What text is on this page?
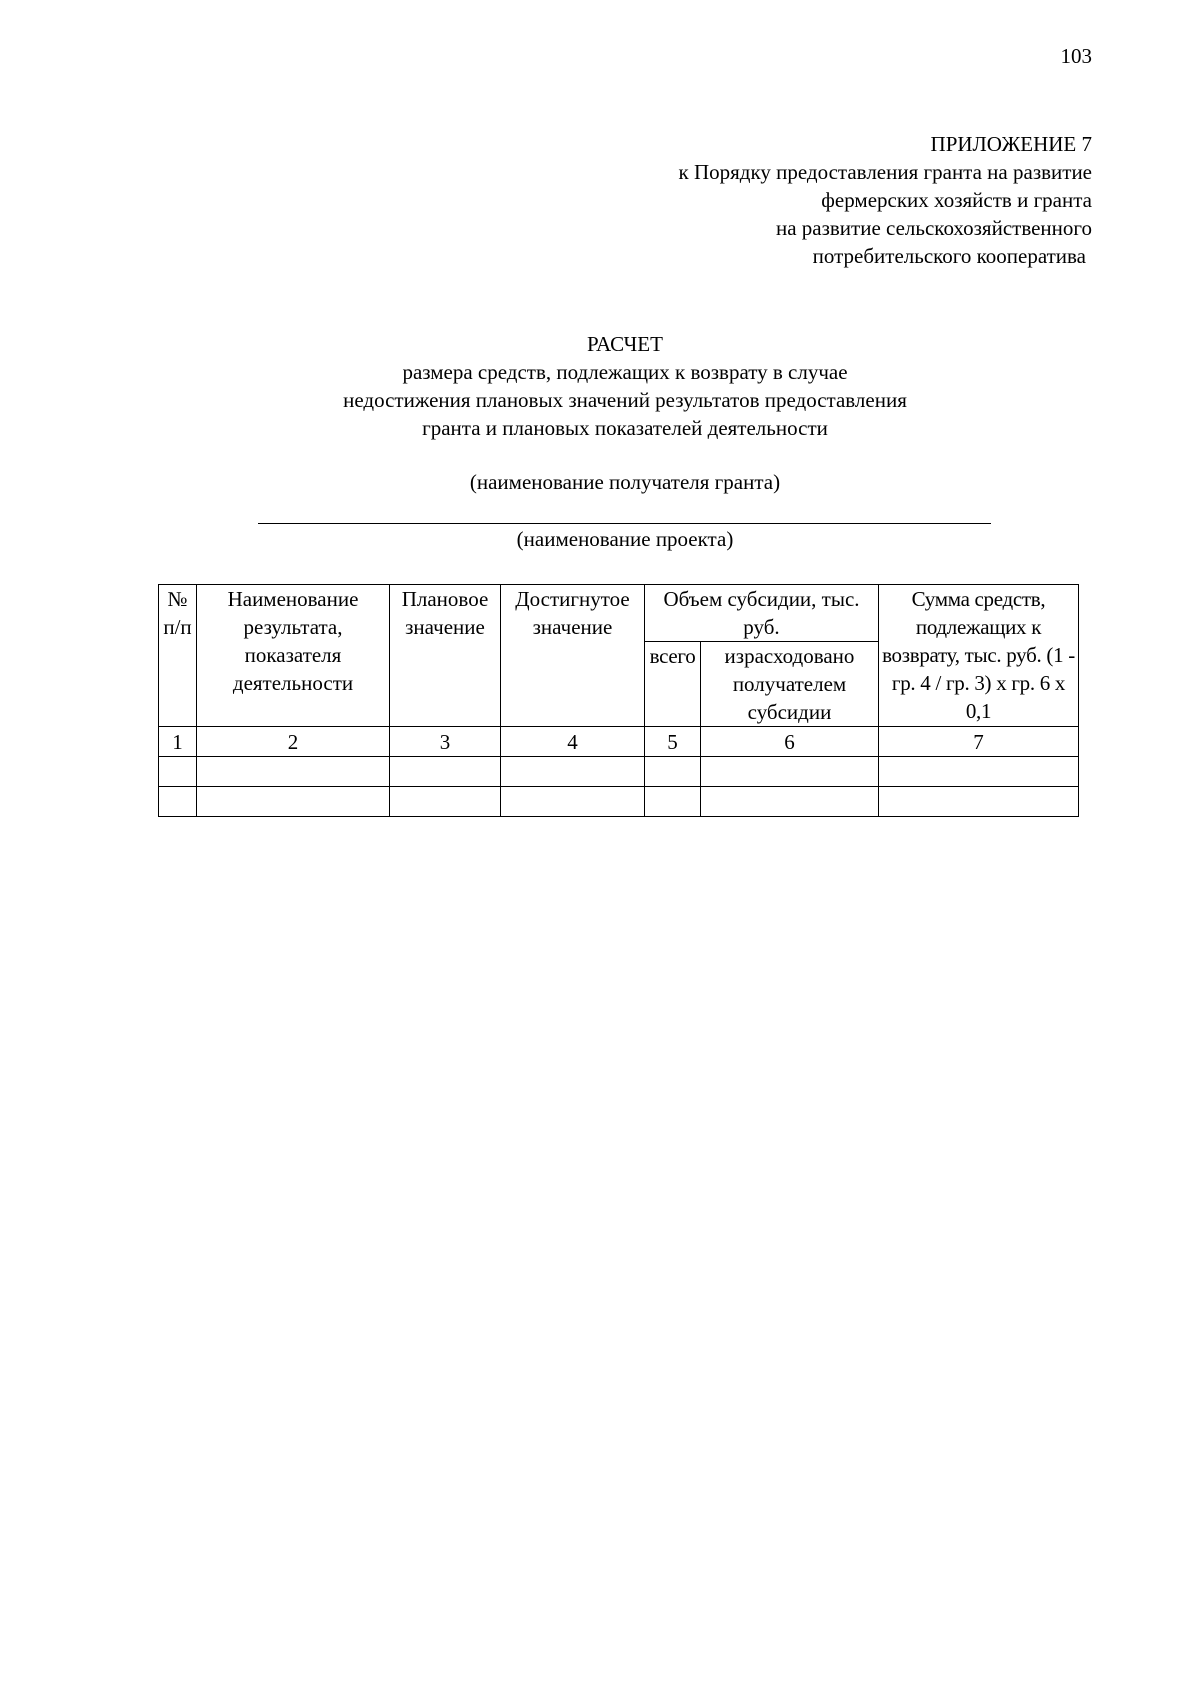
103
ПРИЛОЖЕНИЕ 7
к Порядку предоставления гранта на развитие
фермерских хозяйств и гранта
на развитие сельскохозяйственного
потребительского кооператива
РАСЧЕТ
размера средств, подлежащих к возврату в случае
недостижения плановых значений результатов предоставления
гранта и плановых показателей деятельности
(наименование получателя гранта)
(наименование проекта)
№ п/п	Наименование результата, показателя деятельности	Плановое значение	Достигнутое значение	Объем субсидии, тыс. руб.		Сумма средств, подлежащих к возврату, тыс. руб. (1 - гр. 4 / гр. 3) х гр. 6 х 0,1
				всего	израсходовано получателем субсидии	
1	2	3	4	5	6	7
